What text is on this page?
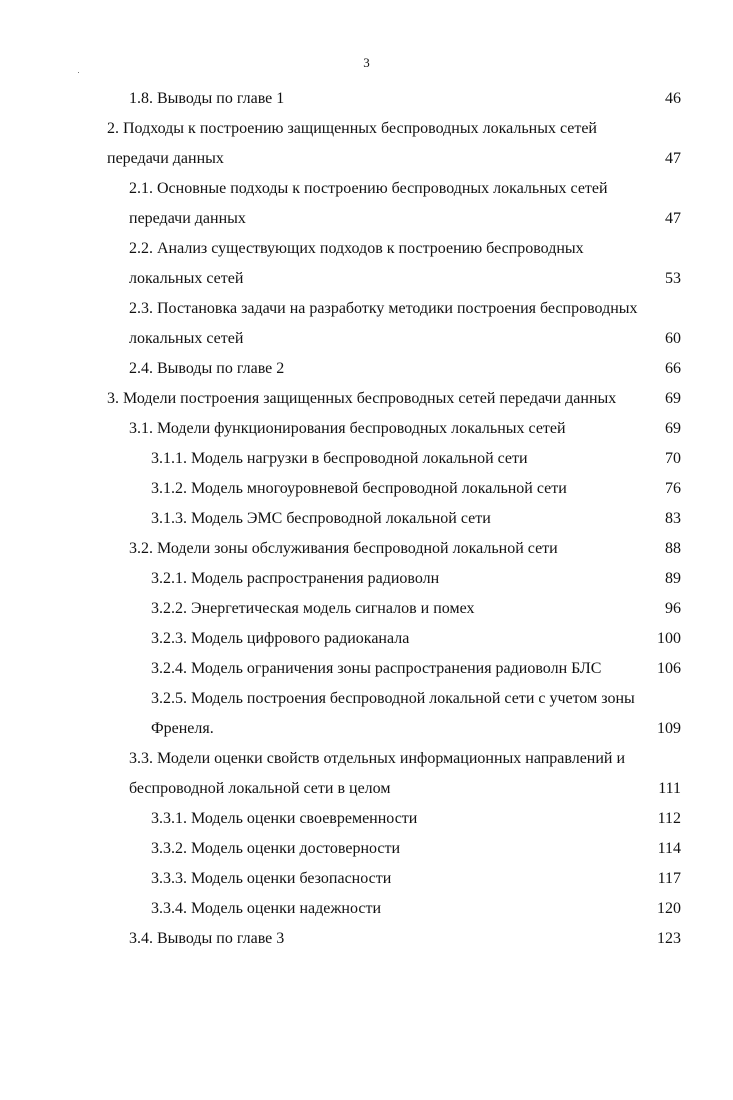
3
1.8. Выводы по главе 1	46
2. Подходы к построению защищенных беспроводных локальных сетей
передачи данных	47
2.1. Основные подходы к построению беспроводных локальных сетей
передачи данных	47
2.2. Анализ существующих подходов к построению беспроводных
локальных сетей	53
2.3. Постановка задачи на разработку методики построения беспроводных
локальных сетей	60
2.4. Выводы по главе 2	66
3. Модели построения защищенных беспроводных сетей передачи данных	69
3.1. Модели функционирования беспроводных локальных сетей	69
3.1.1. Модель нагрузки в беспроводной локальной сети	70
3.1.2. Модель многоуровневой беспроводной локальной сети	76
3.1.3. Модель ЭМС беспроводной локальной сети	83
3.2. Модели зоны обслуживания беспроводной локальной сети	88
3.2.1. Модель распространения радиоволн	89
3.2.2. Энергетическая модель сигналов и помех	96
3.2.3. Модель цифрового радиоканала	100
3.2.4. Модель ограничения зоны распространения радиоволн БЛС	106
3.2.5. Модель построения беспроводной локальной сети с учетом зоны
Френеля.	109
3.3. Модели оценки свойств отдельных информационных направлений и
беспроводной локальной сети в целом	111
3.3.1. Модель оценки своевременности	112
3.3.2. Модель оценки достоверности	114
3.3.3. Модель оценки безопасности	117
3.3.4. Модель оценки надежности	120
3.4. Выводы по главе 3	123
